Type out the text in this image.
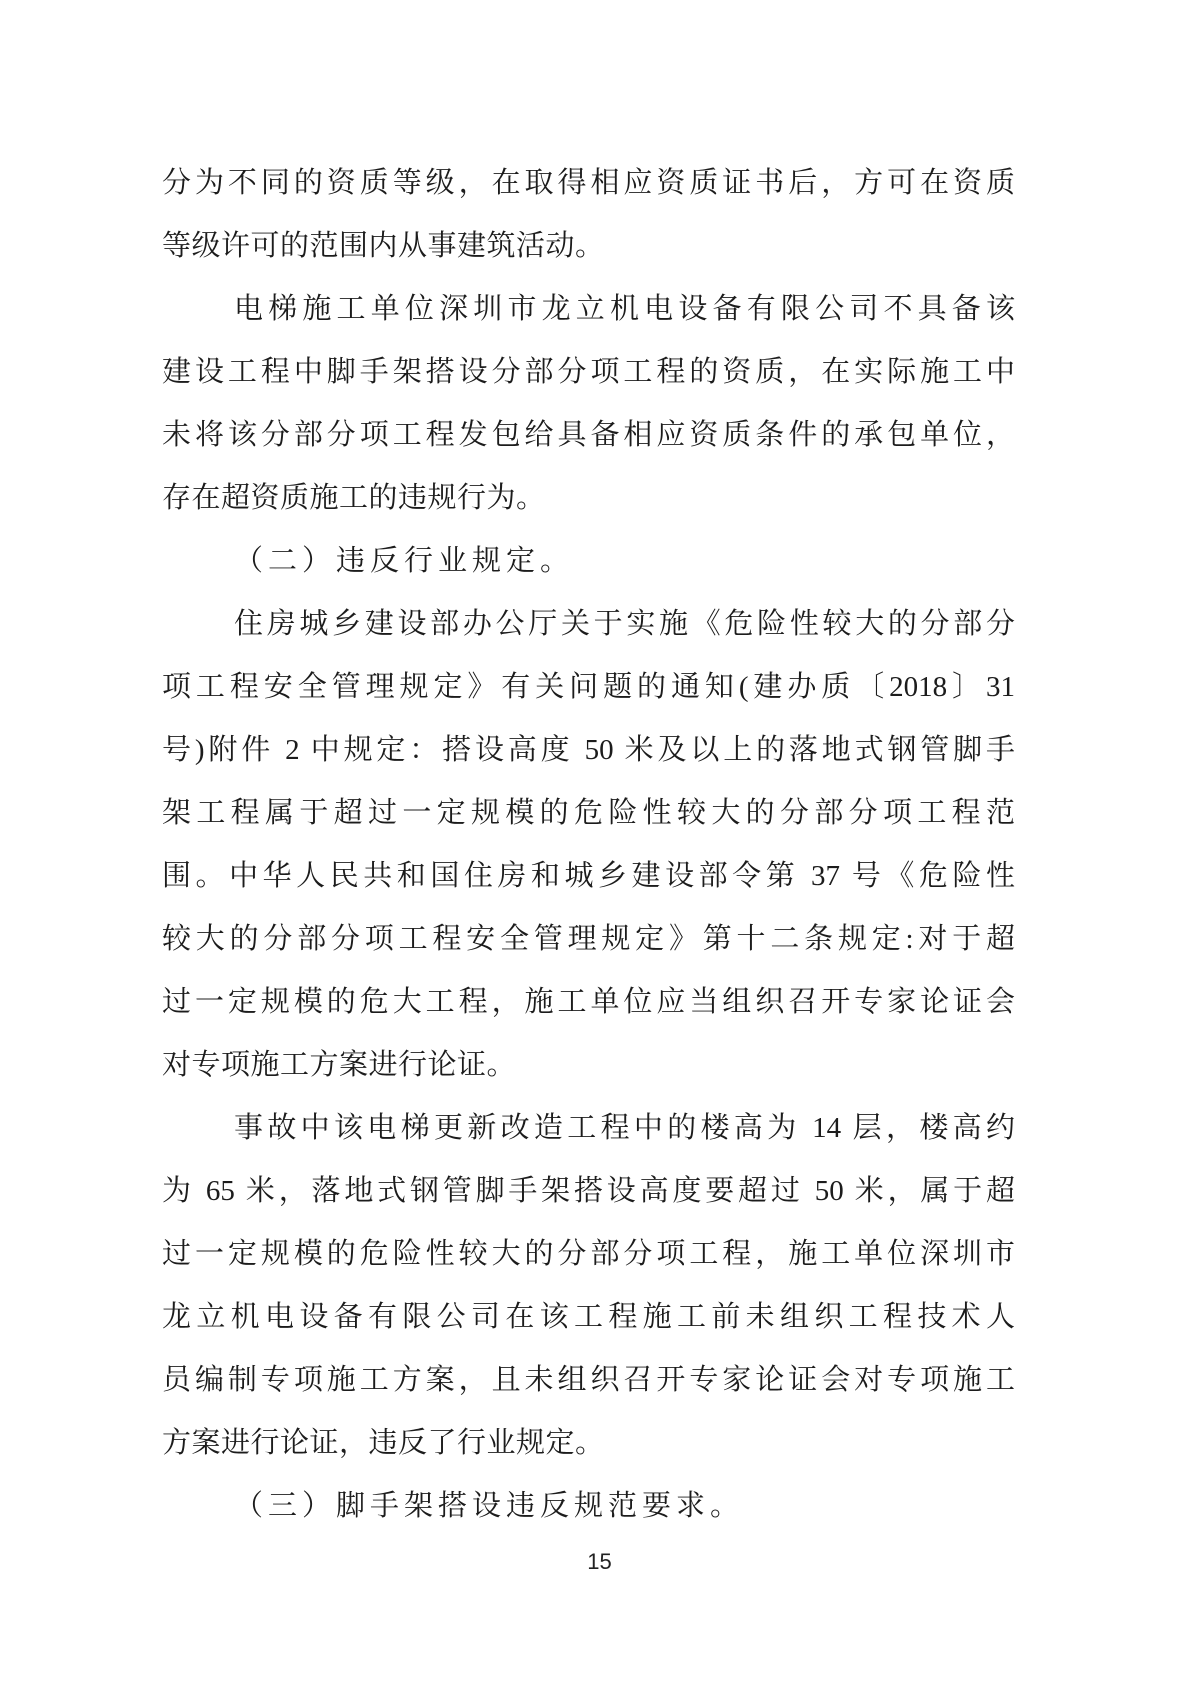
分为不同的资质等级，在取得相应资质证书后，方可在资质
等级许可的范围内从事建筑活动。
电梯施工单位深圳市龙立机电设备有限公司不具备该
建设工程中脚手架搭设分部分项工程的资质，在实际施工中
未将该分部分项工程发包给具备相应资质条件的承包单位，
存在超资质施工的违规行为。
（二）违反行业规定。
住房城乡建设部办公厅关于实施《危险性较大的分部分
项工程安全管理规定》有关问题的通知(建办质〔2018〕31
号)附件 2 中规定：搭设高度 50 米及以上的落地式钢管脚手
架工程属于超过一定规模的危险性较大的分部分项工程范
围。中华人民共和国住房和城乡建设部令第 37 号《危险性
较大的分部分项工程安全管理规定》第十二条规定:对于超
过一定规模的危大工程，施工单位应当组织召开专家论证会
对专项施工方案进行论证。
事故中该电梯更新改造工程中的楼高为 14 层，楼高约
为 65 米，落地式钢管脚手架搭设高度要超过 50 米，属于超
过一定规模的危险性较大的分部分项工程，施工单位深圳市
龙立机电设备有限公司在该工程施工前未组织工程技术人
员编制专项施工方案，且未组织召开专家论证会对专项施工
方案进行论证，违反了行业规定。
（三）脚手架搭设违反规范要求。
15
